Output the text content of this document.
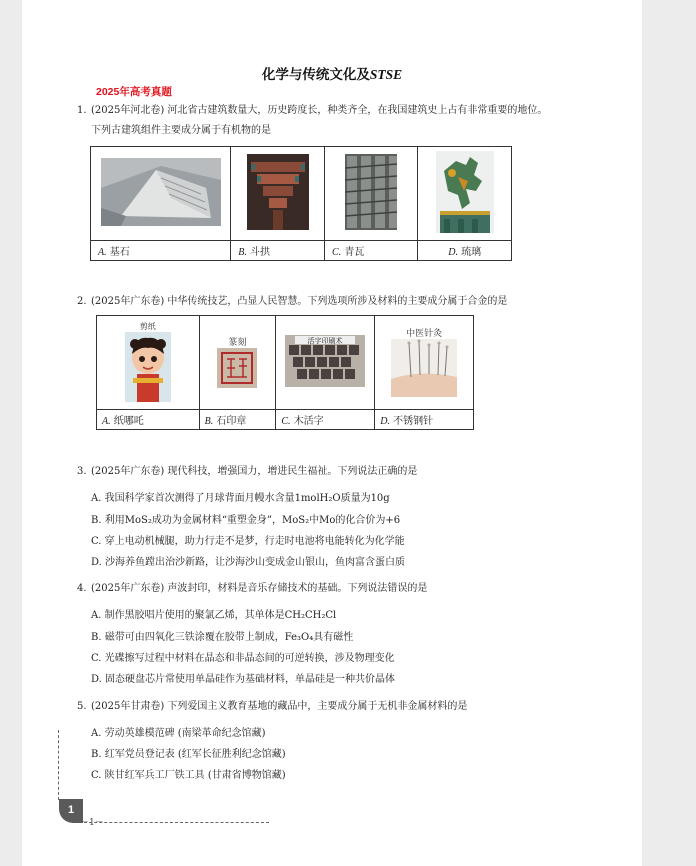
化学与传统文化及STSE
2025年高考真题
1. (2025年河北卷) 河北省古建筑数量大，历史跨度长，种类齐全，在我国建筑史上占有非常重要的地位。
下列古建筑组件主要成分属于有机物的是

A. 基石	B. 斗拱	C. 青瓦	D. 琉璃
2. (2025年广东卷) 中华传统技艺，凸显人民智慧。下列选项所涉及材料的主要成分属于合金的是
剪纸	篆刻	活字印刷术	中医针灸

A. 纸哪吒	B. 石印章	C. 木活字	D. 不锈钢针
3. (2025年广东卷) 现代科技，增强国力，增进民生福祉。下列说法正确的是
A. 我国科学家首次测得了月球背面月幔水含量1molH₂O质量为10g
B. 利用MoS₂成功为金属材料“重塑金身”，MoS₂中Mo的化合价为+6
C. 穿上电动机械腿，助力行走不是梦，行走时电池将电能转化为化学能
D. 沙海养鱼蹚出治沙新路，让沙海沙山变成金山银山，鱼肉富含蛋白质
4. (2025年广东卷) 声波封印，材料是音乐存储技术的基础。下列说法错误的是
A. 制作黑胶唱片使用的聚氯乙烯，其单体是CH₂CH₂Cl
B. 磁带可由四氧化三铁涂覆在胶带上制成，Fe₃O₄具有磁性
C. 光碟擦写过程中材料在晶态和非晶态间的可逆转换，涉及物理变化
D. 固态硬盘芯片常使用单晶硅作为基础材料，单晶硅是一种共价晶体
5. (2025年甘肃卷) 下列爱国主义教育基地的藏品中，主要成分属于无机非金属材料的是
A. 劳动英雄模范碑 (南梁革命纪念馆藏)
B. 红军党员登记表 (红军长征胜利纪念馆藏)
C. 陕甘红军兵工厂铁工具 (甘肃省博物馆藏)
1
－1－
